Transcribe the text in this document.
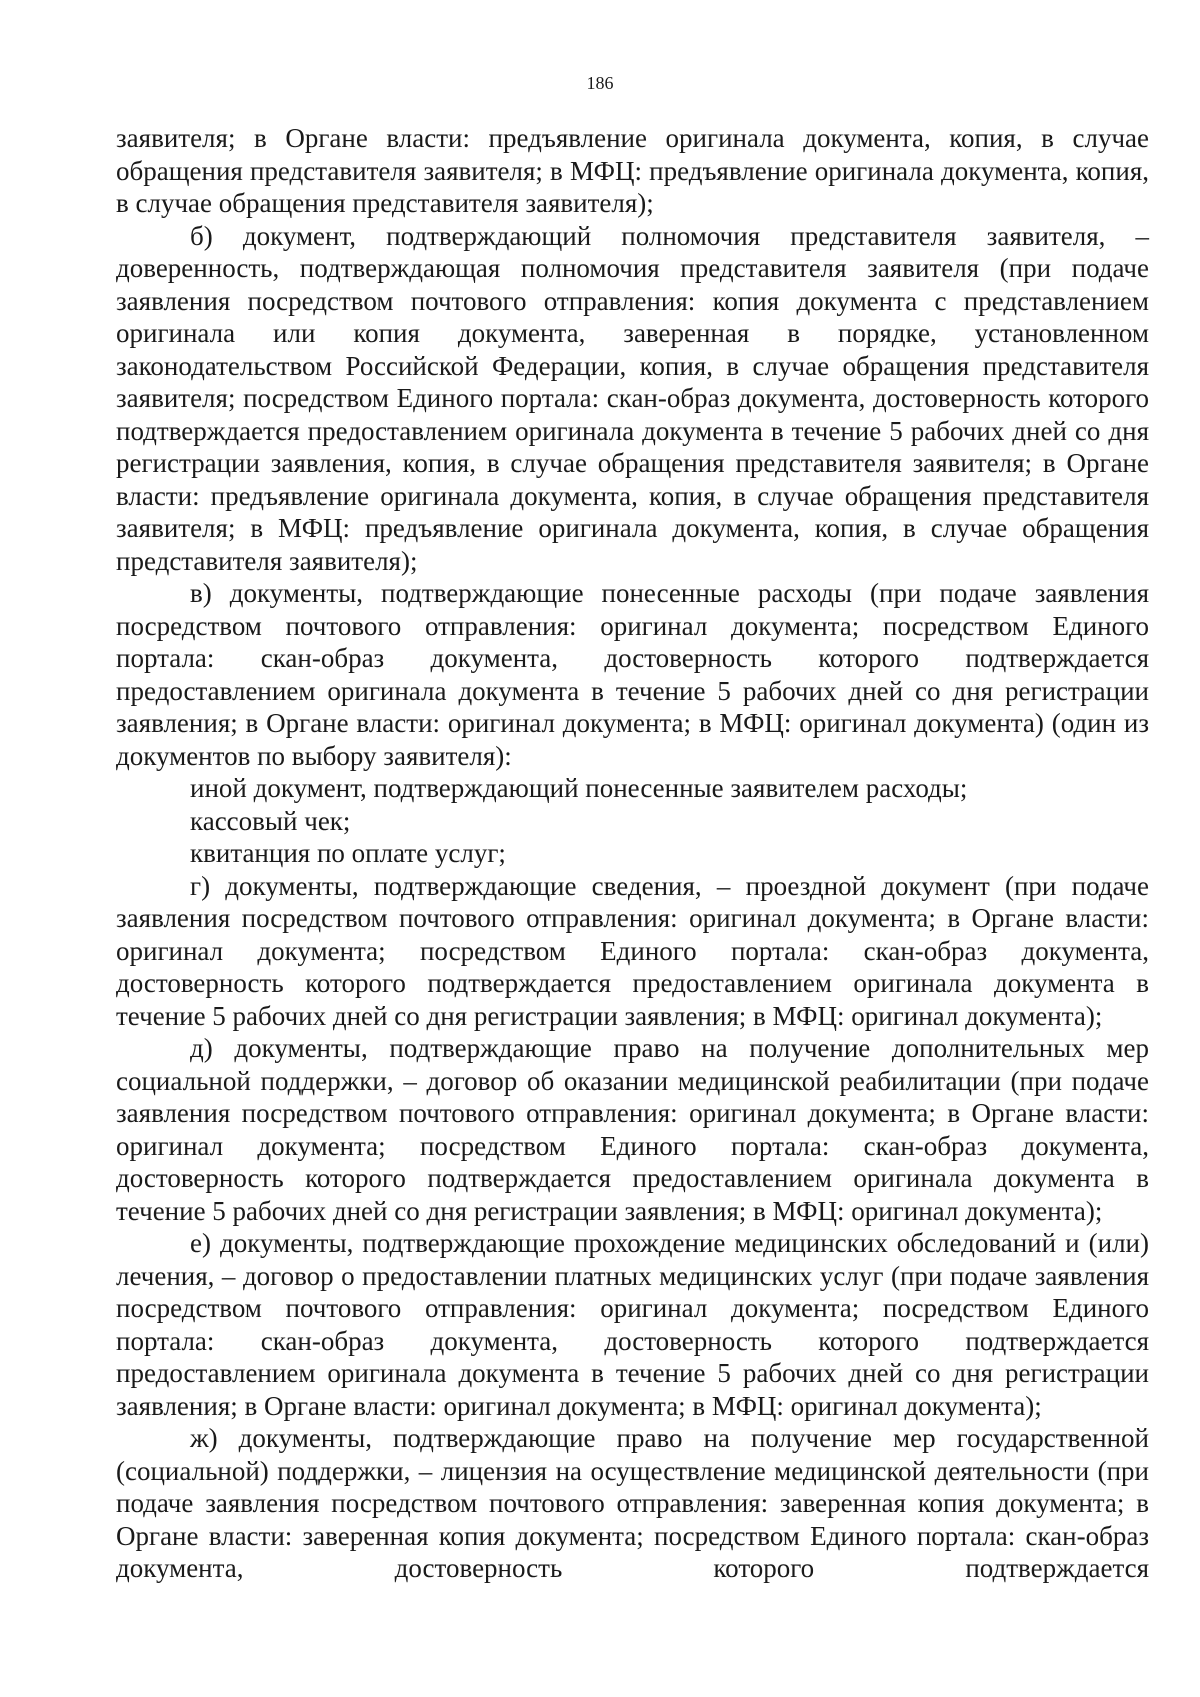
186

заявителя; в Органе власти: предъявление оригинала документа, копия, в случае обращения представителя заявителя; в МФЦ: предъявление оригинала документа, копия, в случае обращения представителя заявителя);

б) документ, подтверждающий полномочия представителя заявителя, – доверенность, подтверждающая полномочия представителя заявителя (при подаче заявления посредством почтового отправления: копия документа с представлением оригинала или копия документа, заверенная в порядке, установленном законодательством Российской Федерации, копия, в случае обращения представителя заявителя; посредством Единого портала: скан-образ документа, достоверность которого подтверждается предоставлением оригинала документа в течение 5 рабочих дней со дня регистрации заявления, копия, в случае обращения представителя заявителя; в Органе власти: предъявление оригинала документа, копия, в случае обращения представителя заявителя; в МФЦ: предъявление оригинала документа, копия, в случае обращения представителя заявителя);

в) документы, подтверждающие понесенные расходы (при подаче заявления посредством почтового отправления: оригинал документа; посредством Единого портала: скан-образ документа, достоверность которого подтверждается предоставлением оригинала документа в течение 5 рабочих дней со дня регистрации заявления; в Органе власти: оригинал документа; в МФЦ: оригинал документа) (один из документов по выбору заявителя):

иной документ, подтверждающий понесенные заявителем расходы;

кассовый чек;

квитанция по оплате услуг;

г) документы, подтверждающие сведения, – проездной документ (при подаче заявления посредством почтового отправления: оригинал документа; в Органе власти: оригинал документа; посредством Единого портала: скан-образ документа, достоверность которого подтверждается предоставлением оригинала документа в течение 5 рабочих дней со дня регистрации заявления; в МФЦ: оригинал документа);

д) документы, подтверждающие право на получение дополнительных мер социальной поддержки, – договор об оказании медицинской реабилитации (при подаче заявления посредством почтового отправления: оригинал документа; в Органе власти: оригинал документа; посредством Единого портала: скан-образ документа, достоверность которого подтверждается предоставлением оригинала документа в течение 5 рабочих дней со дня регистрации заявления; в МФЦ: оригинал документа);

е) документы, подтверждающие прохождение медицинских обследований и (или) лечения, – договор о предоставлении платных медицинских услуг (при подаче заявления посредством почтового отправления: оригинал документа; посредством Единого портала: скан-образ документа, достоверность которого подтверждается предоставлением оригинала документа в течение 5 рабочих дней со дня регистрации заявления; в Органе власти: оригинал документа; в МФЦ: оригинал документа);

ж) документы, подтверждающие право на получение мер государственной (социальной) поддержки, – лицензия на осуществление медицинской деятельности (при подаче заявления посредством почтового отправления: заверенная копия документа; в Органе власти: заверенная копия документа; посредством Единого портала: скан-образ документа, достоверность которого подтверждается
